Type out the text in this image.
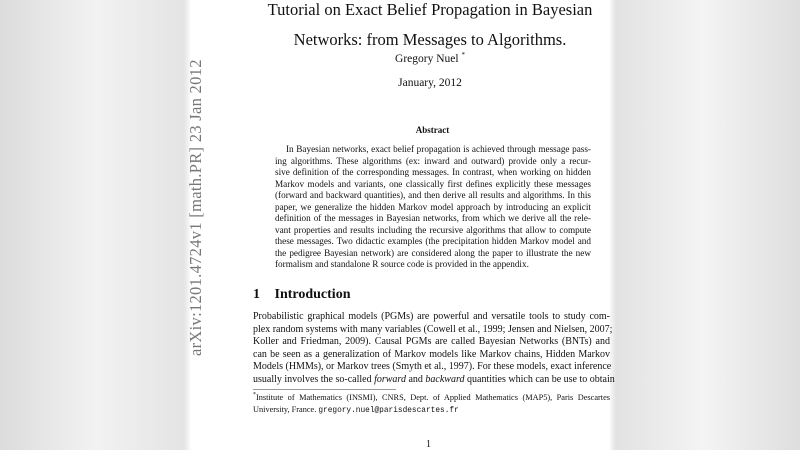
arXiv:1201.4724v1 [math.PR] 23 Jan 2012
Tutorial on Exact Belief Propagation in Bayesian
Networks: from Messages to Algorithms.
Gregory Nuel *
January, 2012
Abstract
In Bayesian networks, exact belief propagation is achieved through message pass-
ing algorithms. These algorithms (ex: inward and outward) provide only a recur-
sive definition of the corresponding messages. In contrast, when working on hidden
Markov models and variants, one classically first defines explicitly these messages
(forward and backward quantities), and then derive all results and algorithms. In this
paper, we generalize the hidden Markov model approach by introducing an explicit
definition of the messages in Bayesian networks, from which we derive all the rele-
vant properties and results including the recursive algorithms that allow to compute
these messages. Two didactic examples (the precipitation hidden Markov model and
the pedigree Bayesian network) are considered along the paper to illustrate the new
formalism and standalone R source code is provided in the appendix.
1 Introduction
Probabilistic graphical models (PGMs) are powerful and versatile tools to study com-
plex random systems with many variables (Cowell et al., 1999; Jensen and Nielsen, 2007;
Koller and Friedman, 2009). Causal PGMs are called Bayesian Networks (BNTs) and
can be seen as a generalization of Markov models like Markov chains, Hidden Markov
Models (HMMs), or Markov trees (Smyth et al., 1997). For these models, exact inference
usually involves the so-called forward and backward quantities which can be use to obtain
*Institute of Mathematics (INSMI), CNRS, Dept. of Applied Mathematics (MAP5), Paris Descartes
University, France. gregory.nuel@parisdescartes.fr
1
